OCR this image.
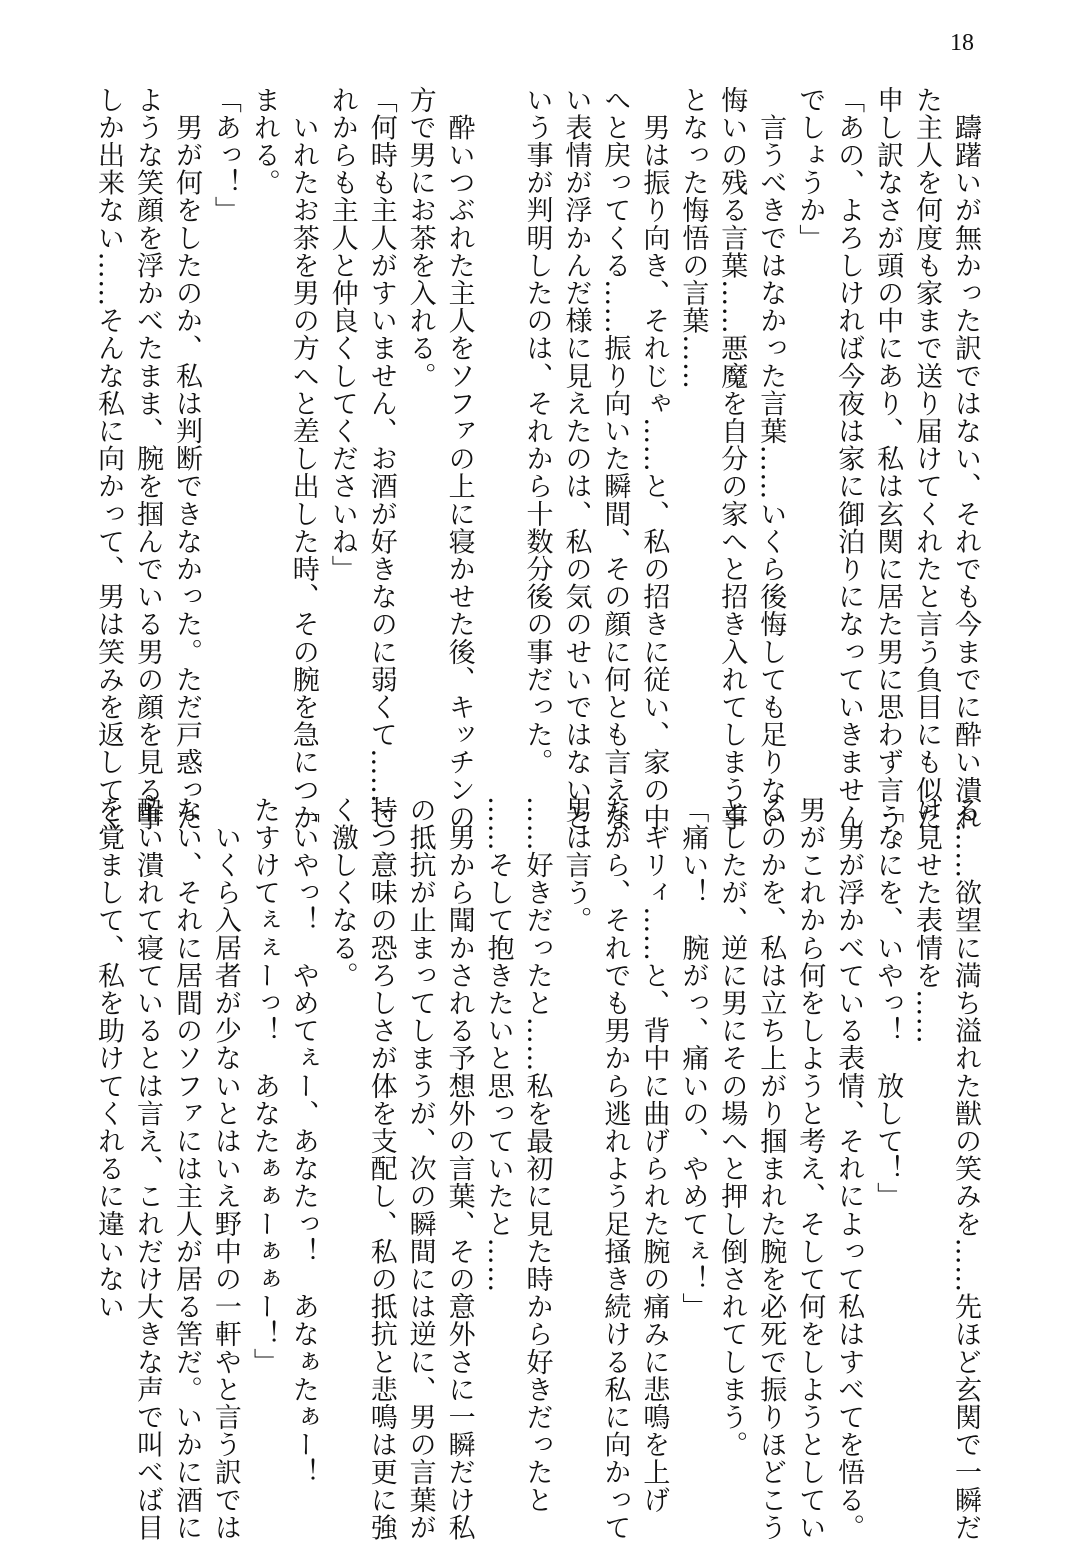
18
　躊躇いが無かった訳ではない、それでも今までに酔い潰れ
た主人を何度も家まで送り届けてくれたと言う負目にも似た
申し訳なさが頭の中にあり、私は玄関に居た男に思わず言う。
「あの、よろしければ今夜は家に御泊りになっていきません
でしょうか」
　言うべきではなかった言葉……いくら後悔しても足りない
悔いの残る言葉……悪魔を自分の家へと招き入れてしまう事
となった悔悟の言葉……
　男は振り向き、それじゃ……と、私の招きに従い、家の中
へと戻ってくる……振り向いた瞬間、その顔に何とも言えな
い表情が浮かんだ様に見えたのは、私の気のせいではないと
いう事が判明したのは、それから十数分後の事だった。
　酔いつぶれた主人をソファの上に寝かせた後、キッチンの
方で男にお茶を入れる。
「何時も主人がすいません、お酒が好きなのに弱くて……こ
れからも主人と仲良くしてくださいね」
　いれたお茶を男の方へと差し出した時、その腕を急につか
まれる。
「あっ！」
　男が何をしたのか、私は判断できなかった。ただ戸惑った
ような笑顔を浮かべたまま、腕を掴んでいる男の顔を見る事
しか出来ない……そんな私に向かって、男は笑みを返してく
る……欲望に満ち溢れた獣の笑みを……先ほど玄関で一瞬だ
け見せた表情を……
「なにを、いやっ！　放して！」
　男が浮かべている表情、それによって私はすべてを悟る。
男がこれから何をしようと考え、そして何をしようとしてい
るのかを、私は立ち上がり掴まれた腕を必死で振りほどこう
としたが、逆に男にその場へと押し倒されてしまう。
「痛い！　腕がっ、痛いの、やめてぇ！」
　ギリィ……と、背中に曲げられた腕の痛みに悲鳴を上げ
ながら、それでも男から逃れよう足掻き続ける私に向かって
男は言う。
……好きだったと……私を最初に見た時から好きだったと
……そして抱きたいと思っていたと……
　男から聞かされる予想外の言葉、その意外さに一瞬だけ私
の抵抗が止まってしまうが、次の瞬間には逆に、男の言葉が
持つ意味の恐ろしさが体を支配し、私の抵抗と悲鳴は更に強
く激しくなる。
「いやっ！　やめてぇー、あなたっ！　あなぁたぁー！
たすけてぇぇーっ！　あなたぁぁーぁぁー！」
　いくら入居者が少ないとはいえ野中の一軒やと言う訳では
ない、それに居間のソファには主人が居る筈だ。いかに酒に
酔い潰れて寝ているとは言え、これだけ大きな声で叫べば目
を覚まして、私を助けてくれるに違いない
